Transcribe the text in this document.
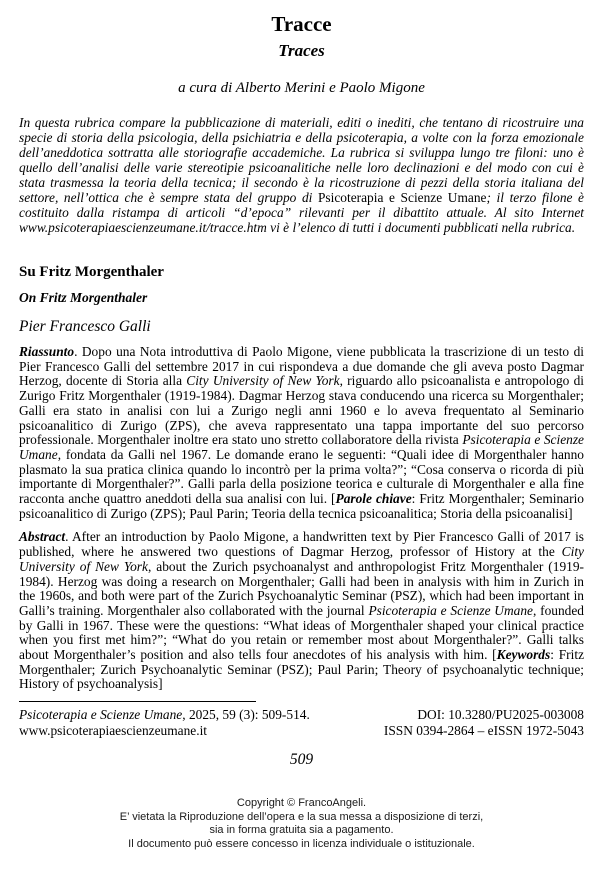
Tracce
Traces
a cura di Alberto Merini e Paolo Migone

In questa rubrica compare la pubblicazione di materiali, editi o inediti, che tentano di ricostruire una specie di storia della psicologia, della psichiatria e della psicoterapia, a volte con la forza emozionale dell’aneddotica sottratta alle storiografie accademiche. La rubrica si sviluppa lungo tre filoni: uno è quello dell’analisi delle varie stereotipie psicoanalitiche nelle loro declinazioni e del modo con cui è stata trasmessa la teoria della tecnica; il secondo è la ricostruzione di pezzi della storia italiana del settore, nell’ottica che è sempre stata del gruppo di Psicoterapia e Scienze Umane; il terzo filone è costituito dalla ristampa di articoli “d’epoca” rilevanti per il dibattito attuale. Al sito Internet www.psicoterapiaescienzeumane.it/tracce.htm vi è l’elenco di tutti i documenti pubblicati nella rubrica.

Su Fritz Morgenthaler
On Fritz Morgenthaler
Pier Francesco Galli

Riassunto. Dopo una Nota introduttiva di Paolo Migone, viene pubblicata la trascrizione di un testo di Pier Francesco Galli del settembre 2017 in cui rispondeva a due domande che gli aveva posto Dagmar Herzog, docente di Storia alla City University of New York, riguardo allo psicoanalista e antropologo di Zurigo Fritz Morgenthaler (1919-1984). Dagmar Herzog stava conducendo una ricerca su Morgenthaler; Galli era stato in analisi con lui a Zurigo negli anni 1960 e lo aveva frequentato al Seminario psicoanalitico di Zurigo (ZPS), che aveva rappresentato una tappa importante del suo percorso professionale. Morgenthaler inoltre era stato uno stretto collaboratore della rivista Psicoterapia e Scienze Umane, fondata da Galli nel 1967. Le domande erano le seguenti: “Quali idee di Morgenthaler hanno plasmato la sua pratica clinica quando lo incontrò per la prima volta?”; “Cosa conserva o ricorda di più importante di Morgenthaler?”. Galli parla della posizione teorica e culturale di Morgenthaler e alla fine racconta anche quattro aneddoti della sua analisi con lui. [Parole chiave: Fritz Morgenthaler; Seminario psicoanalitico di Zurigo (ZPS); Paul Parin; Teoria della tecnica psicoanalitica; Storia della psicoanalisi]

Abstract. After an introduction by Paolo Migone, a handwritten text by Pier Francesco Galli of 2017 is published, where he answered two questions of Dagmar Herzog, professor of History at the City University of New York, about the Zurich psychoanalyst and anthropologist Fritz Morgenthaler (1919-1984). Herzog was doing a research on Morgenthaler; Galli had been in analysis with him in Zurich in the 1960s, and both were part of the Zurich Psychoanalytic Seminar (PSZ), which had been important in Galli’s training. Morgenthaler also collaborated with the journal Psicoterapia e Scienze Umane, founded by Galli in 1967. These were the questions: “What ideas of Morgenthaler shaped your clinical practice when you first met him?”; “What do you retain or remember most about Morgenthaler?”. Galli talks about Morgenthaler’s position and also tells four anecdotes of his analysis with him. [Keywords: Fritz Morgenthaler; Zurich Psychoanalytic Seminar (PSZ); Paul Parin; Theory of psychoanalytic technique; History of psychoanalysis]

Psicoterapia e Scienze Umane, 2025, 59 (3): 509-514.	DOI: 10.3280/PU2025-003008
www.psicoterapiaescienzeumane.it	ISSN 0394-2864 – eISSN 1972-5043
509
Copyright © FrancoAngeli.
E’ vietata la Riproduzione dell’opera e la sua messa a disposizione di terzi,
sia in forma gratuita sia a pagamento.
Il documento può essere concesso in licenza individuale o istituzionale.
